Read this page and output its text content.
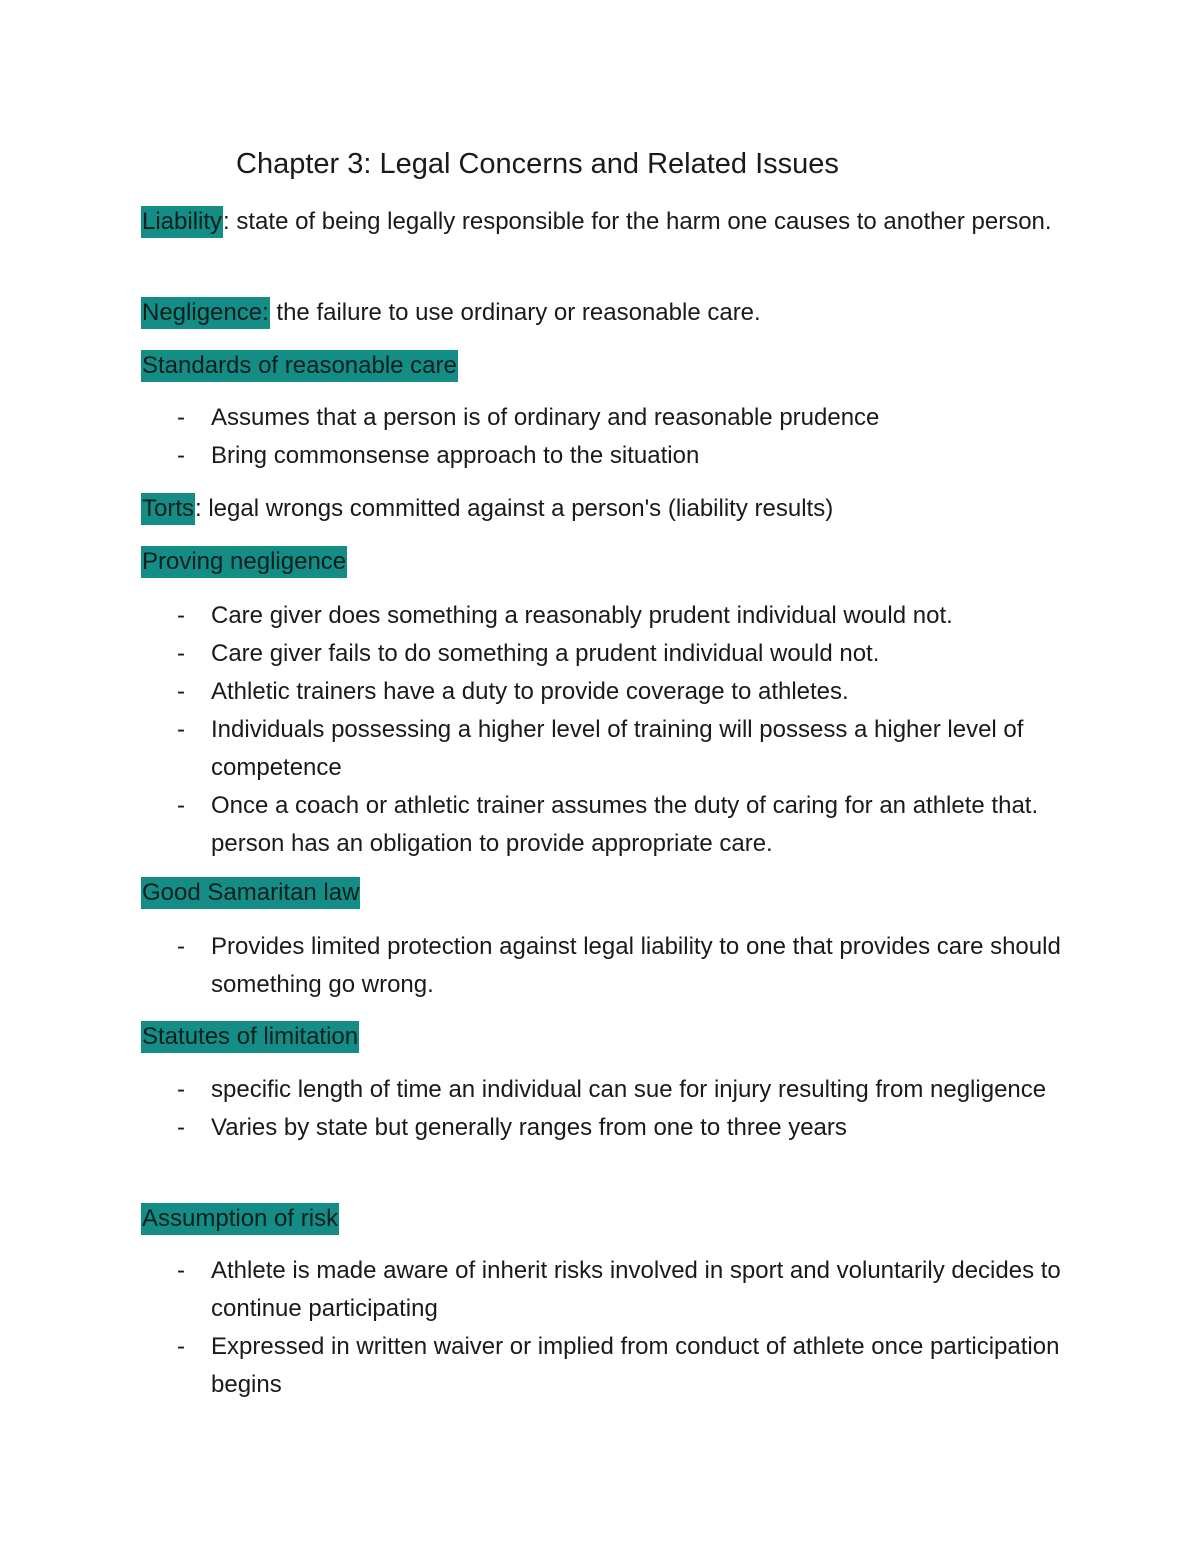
Chapter 3: Legal Concerns and Related Issues
Liability: state of being legally responsible for the harm one causes to another person.
Negligence: the failure to use ordinary or reasonable care.
Standards of reasonable care
- Assumes that a person is of ordinary and reasonable prudence
- Bring commonsense approach to the situation
Torts: legal wrongs committed against a person's (liability results)
Proving negligence
- Care giver does something a reasonably prudent individual would not.
- Care giver fails to do something a prudent individual would not.
- Athletic trainers have a duty to provide coverage to athletes.
- Individuals possessing a higher level of training will possess a higher level of competence
- Once a coach or athletic trainer assumes the duty of caring for an athlete that. person has an obligation to provide appropriate care.
Good Samaritan law
- Provides limited protection against legal liability to one that provides care should something go wrong.
Statutes of limitation
- specific length of time an individual can sue for injury resulting from negligence
- Varies by state but generally ranges from one to three years
Assumption of risk
- Athlete is made aware of inherit risks involved in sport and voluntarily decides to continue participating
- Expressed in written waiver or implied from conduct of athlete once participation begins
